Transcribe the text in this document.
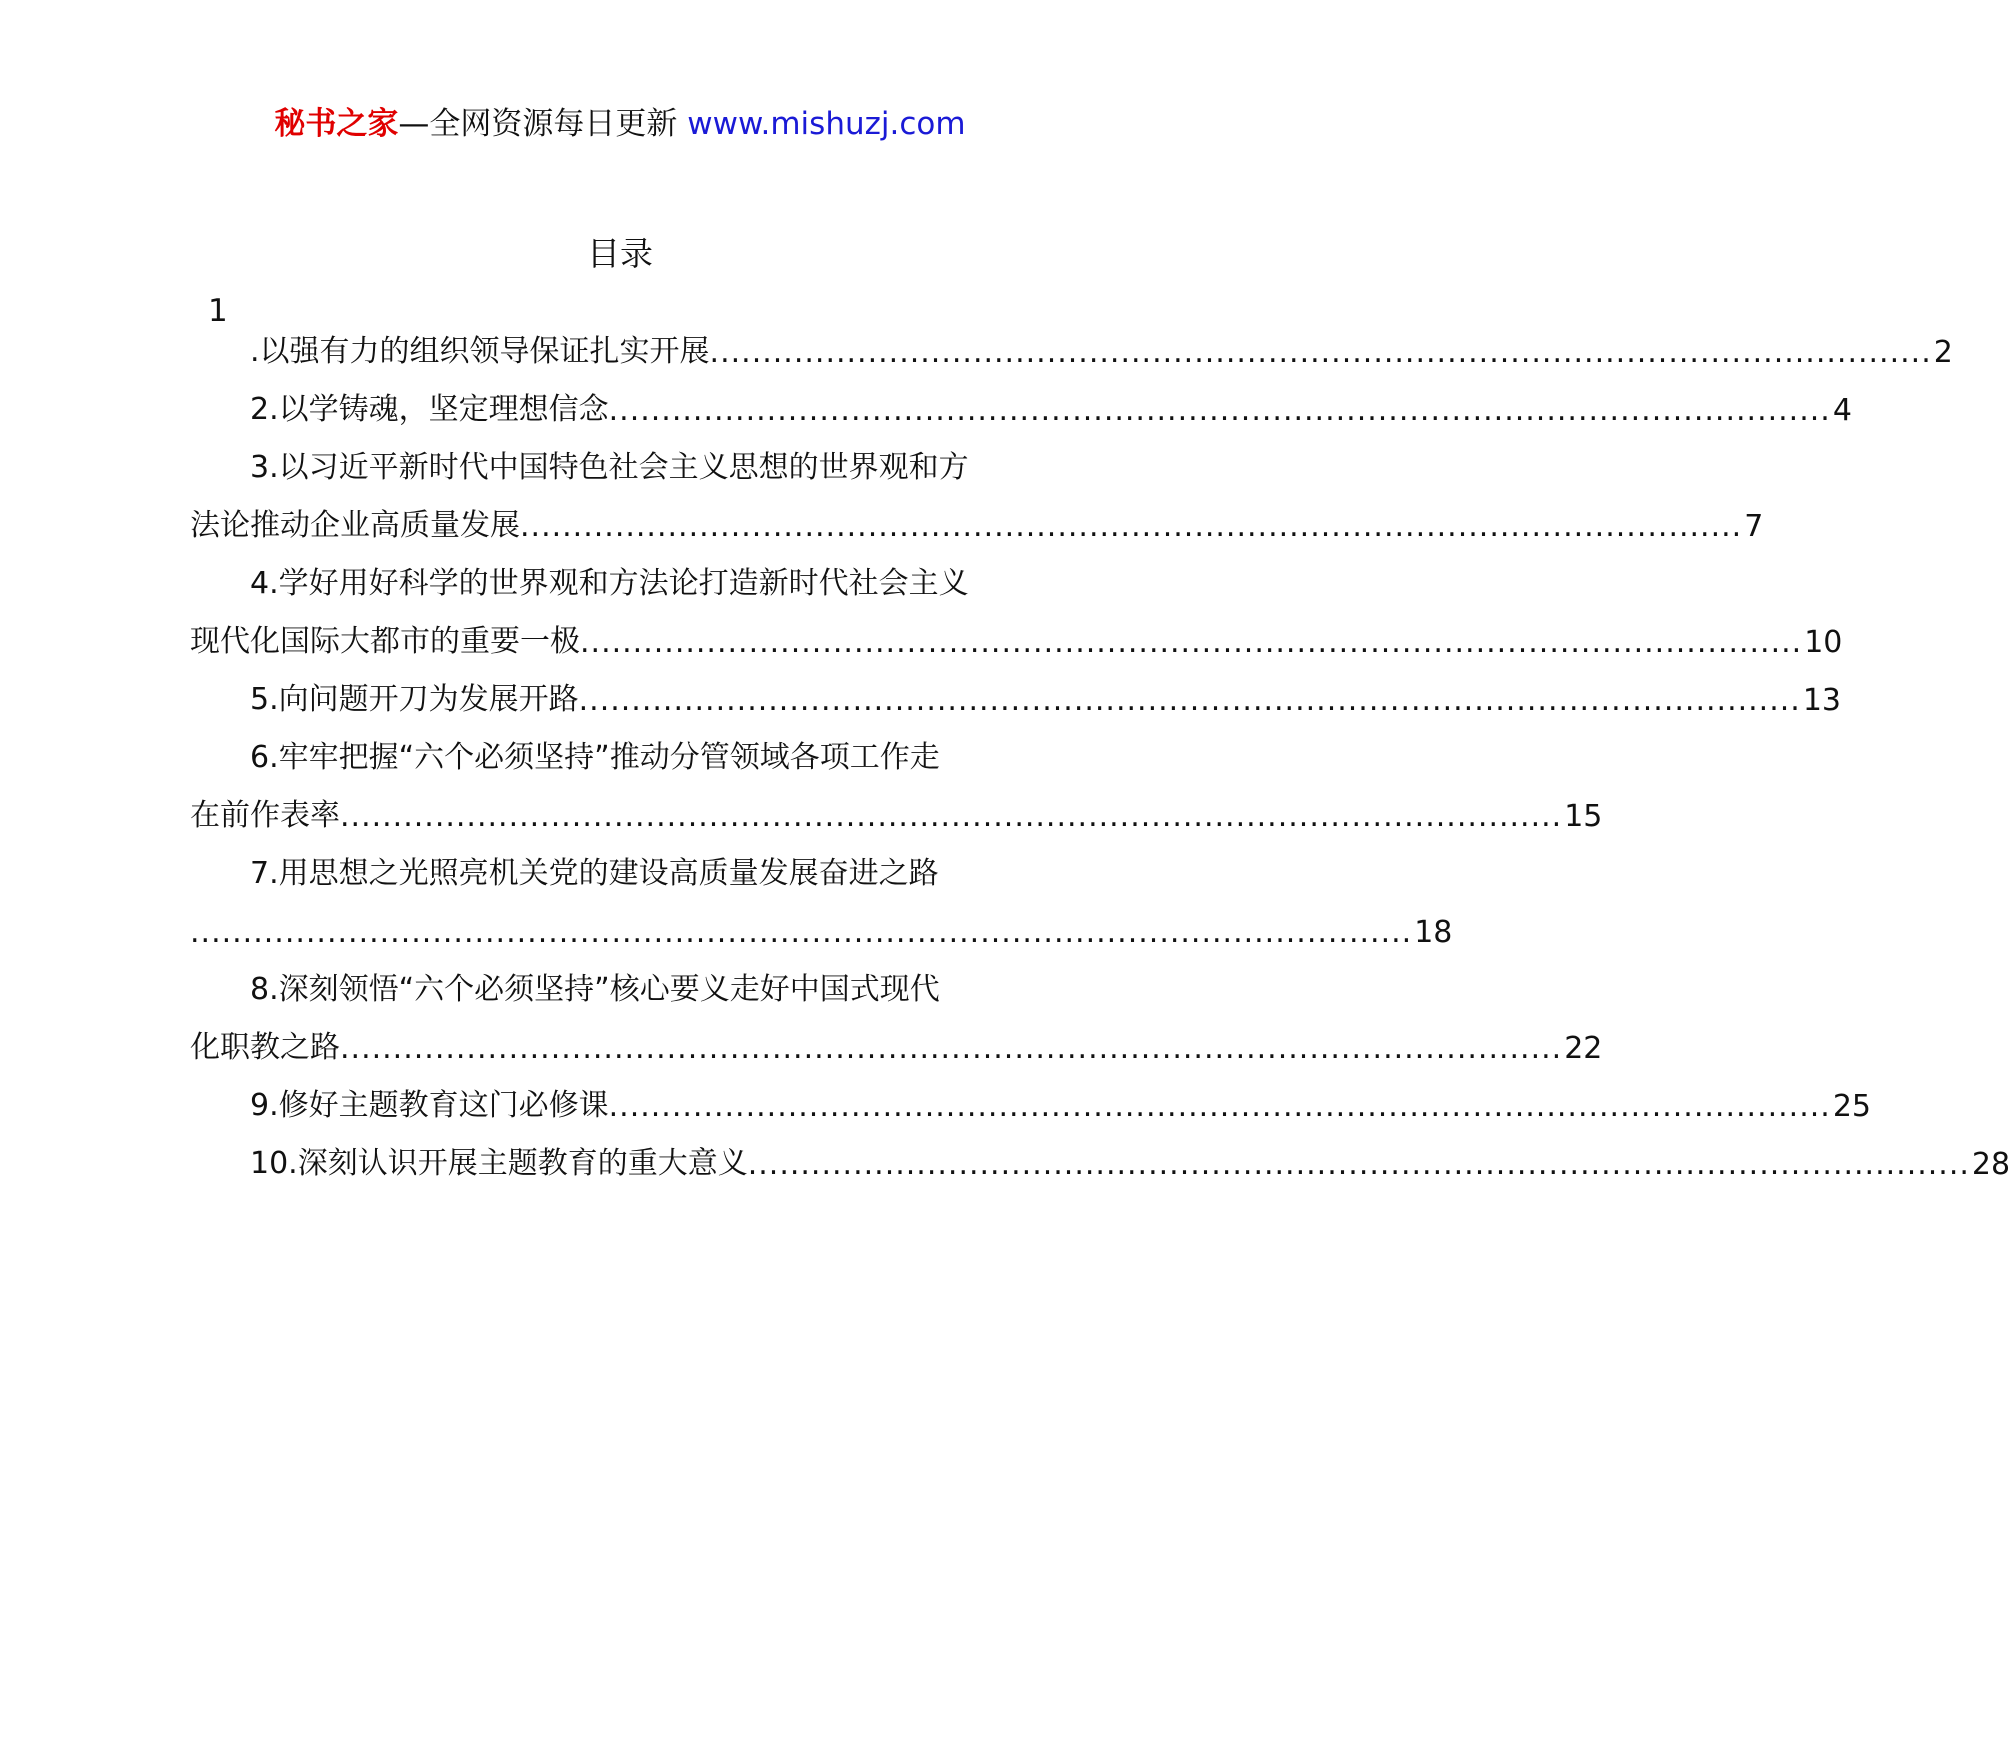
秘书之家—全网资源每日更新 www.mishuzj.com
目录
1
.以强有力的组织领导保证扎实开展 .................................................................................................................... 2
2.以学铸魂，坚定理想信念 .................................................................................................................... 4
3.以习近平新时代中国特色社会主义思想的世界观和方
法论推动企业高质量发展 .................................................................................................................... 7
4.学好用好科学的世界观和方法论打造新时代社会主义
现代化国际大都市的重要一极 .................................................................................................................... 10
5.向问题开刀为发展开路 .................................................................................................................... 13
6.牢牢把握“六个必须坚持”推动分管领域各项工作走
在前作表率 .................................................................................................................... 15
7.用思想之光照亮机关党的建设高质量发展奋进之路
.................................................................................................................... 18
8.深刻领悟“六个必须坚持”核心要义走好中国式现代
化职教之路 .................................................................................................................... 22
9.修好主题教育这门必修课 .................................................................................................................... 25
10.深刻认识开展主题教育的重大意义 .................................................................................................................... 28
